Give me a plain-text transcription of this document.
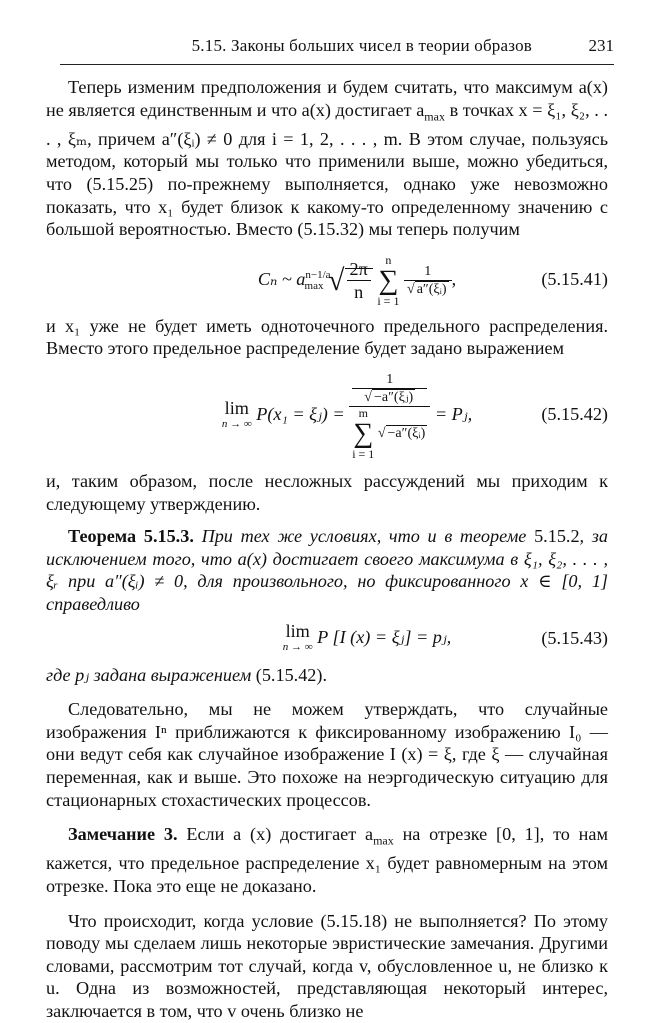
5.15. Законы больших чисел в теории образов	231

Теперь изменим предположения и будем считать, что максимум a(x) не является единственным и что a(x) достигает $a_{max}$ в точках x = ξ₁, ξ₂, . . . , ξₘ, причем a″(ξᵢ) ≠ 0 для i = 1, 2, . . . , m. В этом случае, пользуясь методом, который мы только что применили выше, можно убедиться, что (5.15.25) по-прежнему выполняется, однако уже невозможно показать, что x₁ будет близок к какому-то определенному значению с большой вероятностью. Вместо (5.15.32) мы теперь получим

Cₙ ~ $a^{n-1/a}_{max}$ √ $\frac{2\pi}{n}$ n
∑
i = 1
$\frac{1}{\text{√ a″(ξᵢ)}}$ ,	(5.15.41)

и x₁ уже не будет иметь одноточечного предельного распределения. Вместо этого предельное распределение будет задано выражением

lim
n → ∞ P(x₁ = ξⱼ) = 1
√ −a″(ξⱼ)
m
∑
i = 1 √ −a″(ξᵢ) = Pⱼ,	(5.15.42)

и, таким образом, после несложных рассуждений мы приходим к следующему утверждению.

Теорема 5.15.3. При тех же условиях, что и в теореме 5.15.2, за исключением того, что a(x) достигает своего максимума в ξ₁, ξ₂, . . . , ξᵣ при a″(ξᵢ) ≠ 0, для произвольного, но фиксированного x ∈ [0, 1] справедливо

lim
n → ∞ P [I (x) = ξⱼ] = pⱼ,	(5.15.43)

где pⱼ задана выражением (5.15.42).

Следовательно, мы не можем утверждать, что случайные изображения Iⁿ приближаются к фиксированному изображению I₀ — они ведут себя как случайное изображение I (x) = ξ, где ξ — случайная переменная, как и выше. Это похоже на неэргодическую ситуацию для стационарных стохастических процессов.

Замечание 3. Если a (x) достигает $a_{max}$ на отрезке [0, 1], то нам кажется, что предельное распределение x₁ будет равномерным на этом отрезке. Пока это еще не доказано.

Что происходит, когда условие (5.15.18) не выполняется? По этому поводу мы сделаем лишь некоторые эвристические замечания. Другими словами, рассмотрим тот случай, когда v, обусловленное u, не близко к u. Одна из возможностей, представляющая некоторый интерес, заключается в том, что v очень близко не
